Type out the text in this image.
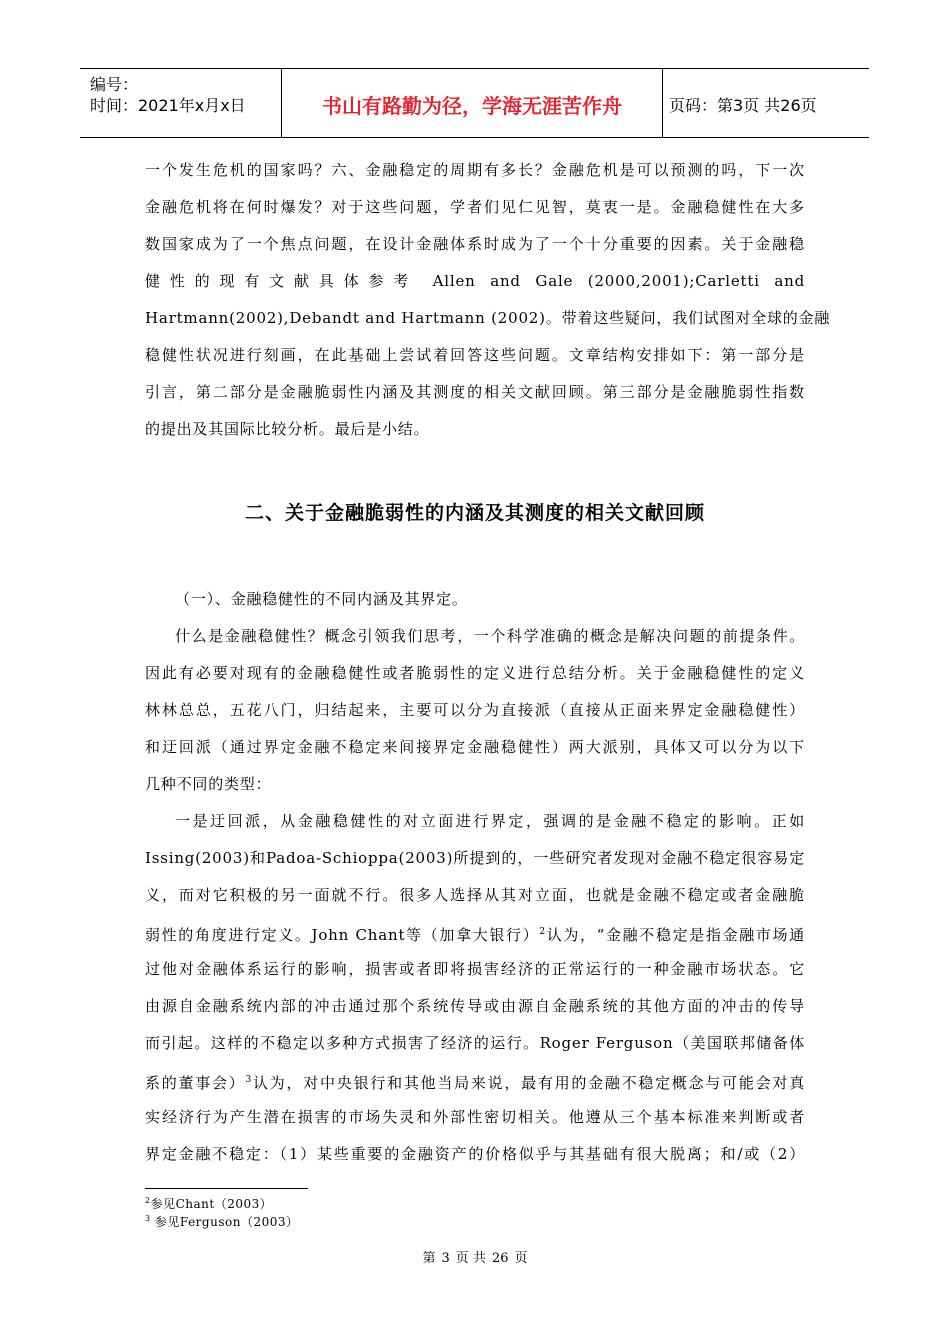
编号：
时间：2021年x月x日	书山有路勤为径，学海无涯苦作舟	页码：第3页 共26页

一个发生危机的国家吗？六、金融稳定的周期有多长？金融危机是可以预测的吗，下一次

金融危机将在何时爆发？对于这些问题，学者们见仁见智，莫衷一是。金融稳健性在大多

数国家成为了一个焦点问题，在设计金融体系时成为了一个十分重要的因素。关于金融稳

健性的现有文献具体参考 Allen and Gale (2000,2001);Carletti and

Hartmann(2002),Debandt and Hartmann (2002)。带着这些疑问，我们试图对全球的金融

稳健性状况进行刻画，在此基础上尝试着回答这些问题。文章结构安排如下：第一部分是

引言，第二部分是金融脆弱性内涵及其测度的相关文献回顾。第三部分是金融脆弱性指数

的提出及其国际比较分析。最后是小结。

二、关于金融脆弱性的内涵及其测度的相关文献回顾

（一）、金融稳健性的不同内涵及其界定。

什么是金融稳健性？概念引领我们思考，一个科学准确的概念是解决问题的前提条件。

因此有必要对现有的金融稳健性或者脆弱性的定义进行总结分析。关于金融稳健性的定义

林林总总，五花八门，归结起来，主要可以分为直接派（直接从正面来界定金融稳健性）

和迂回派（通过界定金融不稳定来间接界定金融稳健性）两大派别，具体又可以分为以下

几种不同的类型：

一是迂回派，从金融稳健性的对立面进行界定，强调的是金融不稳定的影响。正如

Issing(2003)和Padoa-Schioppa(2003)所提到的，一些研究者发现对金融不稳定很容易定

义，而对它积极的另一面就不行。很多人选择从其对立面，也就是金融不稳定或者金融脆

弱性的角度进行定义。John Chant等（加拿大银行）$^2$认为，“金融不稳定是指金融市场通

过他对金融体系运行的影响，损害或者即将损害经济的正常运行的一种金融市场状态。它

由源自金融系统内部的冲击通过那个系统传导或由源自金融系统的其他方面的冲击的传导

而引起。这样的不稳定以多种方式损害了经济的运行。Roger Ferguson（美国联邦储备体

系的董事会）$^3$认为，对中央银行和其他当局来说，最有用的金融不稳定概念与可能会对真

实经济行为产生潜在损害的市场失灵和外部性密切相关。他遵从三个基本标准来判断或者

界定金融不稳定：（1）某些重要的金融资产的价格似乎与其基础有很大脱离；和/或（2）

$^2$参见Chant（2003）
$^3$ 参见Ferguson（2003）
第 3 页 共 26 页
